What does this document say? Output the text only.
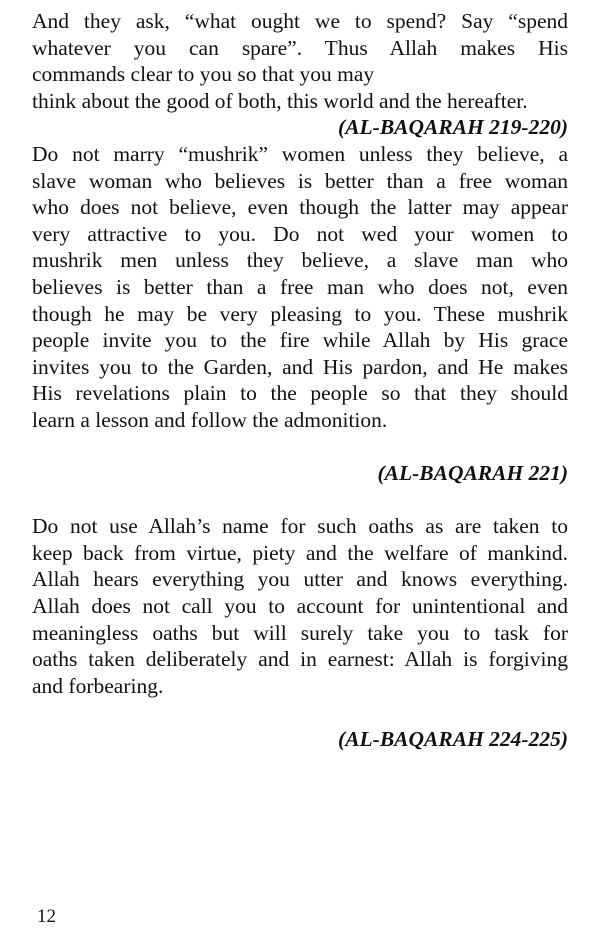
And they ask, “what ought we to spend? Say “spend
whatever you can spare”. Thus Allah makes His
commands clear to you so that you may
think about the good of both, this world and the hereafter.
(AL-BAQARAH 219-220)
Do not marry “mushrik” women unless they believe, a
slave woman who believes is better than a free woman
who does not believe, even though the latter may appear
very attractive to you. Do not wed your women to
mushrik men unless they believe, a slave man who
believes is better than a free man who does not, even
though he may be very pleasing to you. These mushrik
people invite you to the fire while Allah by His grace
invites you to the Garden, and His pardon, and He makes
His revelations plain to the people so that they should
learn a lesson and follow the admonition.
(AL-BAQARAH 221)
Do not use Allah’s name for such oaths as are taken to
keep back from virtue, piety and the welfare of mankind.
Allah hears everything you utter and knows everything.
Allah does not call you to account for unintentional and
meaningless oaths but will surely take you to task for
oaths taken deliberately and in earnest: Allah is forgiving
and forbearing.
(AL-BAQARAH 224-225)
12
